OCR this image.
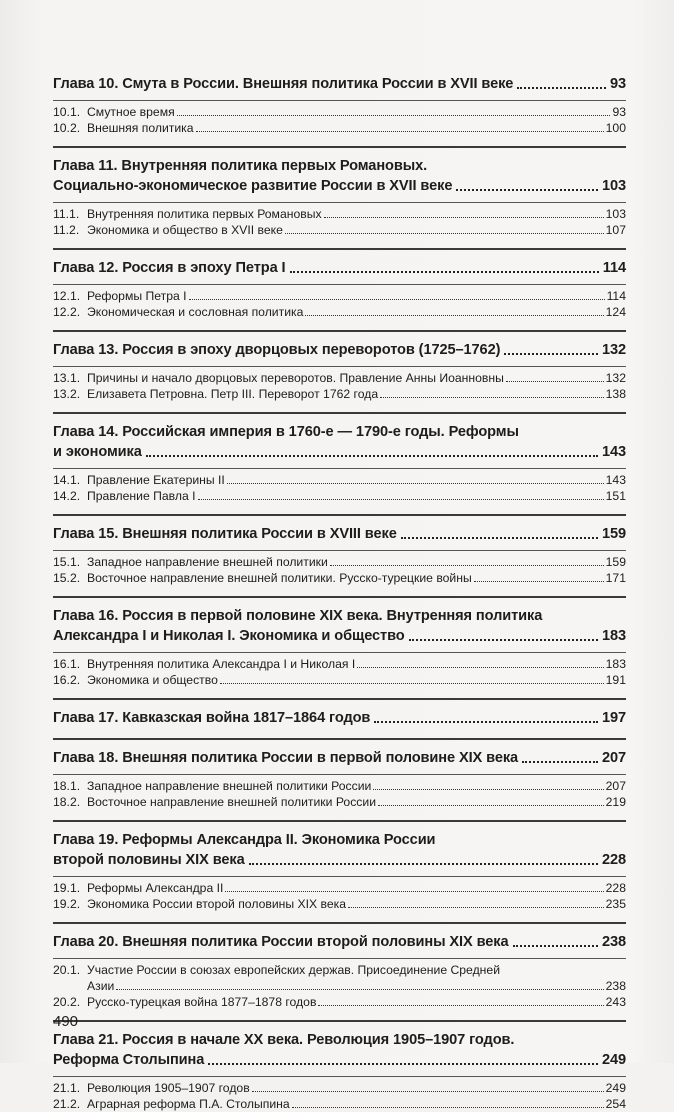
Глава 10. Смута в России. Внешняя политика России в XVII веке	93
10.1. Смутное время	93
10.2. Внешняя политика	100
Глава 11. Внутренняя политика первых Романовых.
Социально-экономическое развитие России в XVII веке	103
11.1. Внутренняя политика первых Романовых	103
11.2. Экономика и общество в XVII веке	107
Глава 12. Россия в эпоху Петра I	114
12.1. Реформы Петра I	114
12.2. Экономическая и сословная политика	124
Глава 13. Россия в эпоху дворцовых переворотов (1725–1762)	132
13.1. Причины и начало дворцовых переворотов. Правление Анны Иоанновны	132
13.2. Елизавета Петровна. Петр III. Переворот 1762 года	138
Глава 14. Российская империя в 1760-е — 1790-е годы. Реформы
и экономика	143
14.1. Правление Екатерины II	143
14.2. Правление Павла I	151
Глава 15. Внешняя политика России в XVIII веке	159
15.1. Западное направление внешней политики	159
15.2. Восточное направление внешней политики. Русско-турецкие войны	171
Глава 16. Россия в первой половине XIX века. Внутренняя политика
Александра I и Николая I. Экономика и общество	183
16.1. Внутренняя политика Александра I и Николая I	183
16.2. Экономика и общество	191
Глава 17. Кавказская война 1817–1864 годов	197
Глава 18. Внешняя политика России в первой половине XIX века	207
18.1. Западное направление внешней политики России	207
18.2. Восточное направление внешней политики России	219
Глава 19. Реформы Александра II. Экономика России
второй половины XIX века	228
19.1. Реформы Александра II	228
19.2. Экономика России второй половины XIX века	235
Глава 20. Внешняя политика России второй половины XIX века	238
20.1. Участие России в союзах европейских держав. Присоединение Средней
Азии	238
20.2. Русско-турецкая война 1877–1878 годов	243
Глава 21. Россия в начале XX века. Революция 1905–1907 годов.
Реформа Столыпина	249
21.1. Революция 1905–1907 годов	249
21.2. Аграрная реформа П.А. Столыпина	254
490
